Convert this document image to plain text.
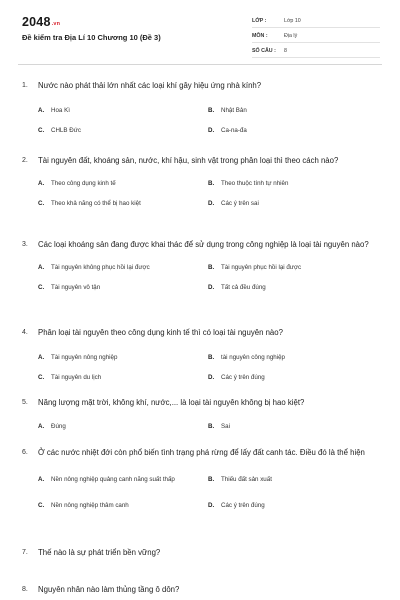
2048.vn
Đề kiểm tra Địa Lí 10 Chương 10 (Đề 3)
LỚP :	Lớp 10
MÔN :	Địa lý
SỐ CÂU :	8
1.	Nước nào phát thải lớn nhất các loại khí gây hiệu ứng nhà kính?
A.	Hoa Kì	B.	Nhật Bản
C.	CHLB Đức	D.	Ca-na-đa
2.	Tài nguyên đất, khoáng sản, nước, khí hậu, sinh vật trong phân loại thì theo cách nào?
A.	Theo công dụng kinh tế	B.	Theo thuộc tính tự nhiên
C.	Theo khả năng có thể bị hao kiệt	D.	Các ý trên sai
3.	Các loại khoáng sản đang được khai thác để sử dụng trong công nghiệp là loại tài nguyên nào?
A.	Tài nguyên không phục hồi lại được	B.	Tài nguyên phục hồi lại được
C.	Tài nguyên vô tận	D.	Tất cả đều đúng
4.	Phân loại tài nguyên theo công dụng kinh tế thì có loại tài nguyên nào?
A.	Tài nguyên nông nghiệp	B.	tài nguyên công nghiệp
C.	Tài nguyên du lịch	D.	Các ý trên đúng
5.	Năng lượng mặt trời, không khí, nước,... là loại tài nguyên không bị hao kiệt?
A.	Đúng	B.	Sai
6.	Ở các nước nhiệt đới còn phổ biến tình trạng phá rừng để lấy đất canh tác. Điều đó là thể hiện
A.	Nền nông nghiệp quảng canh năng suất thấp	B.	Thiếu đất sản xuất
C.	Nền nông nghiệp thâm canh	D.	Các ý trên đúng
7.	Thế nào là sự phát triển bền vững?
8.	Nguyên nhân nào làm thủng tầng ô dôn?
